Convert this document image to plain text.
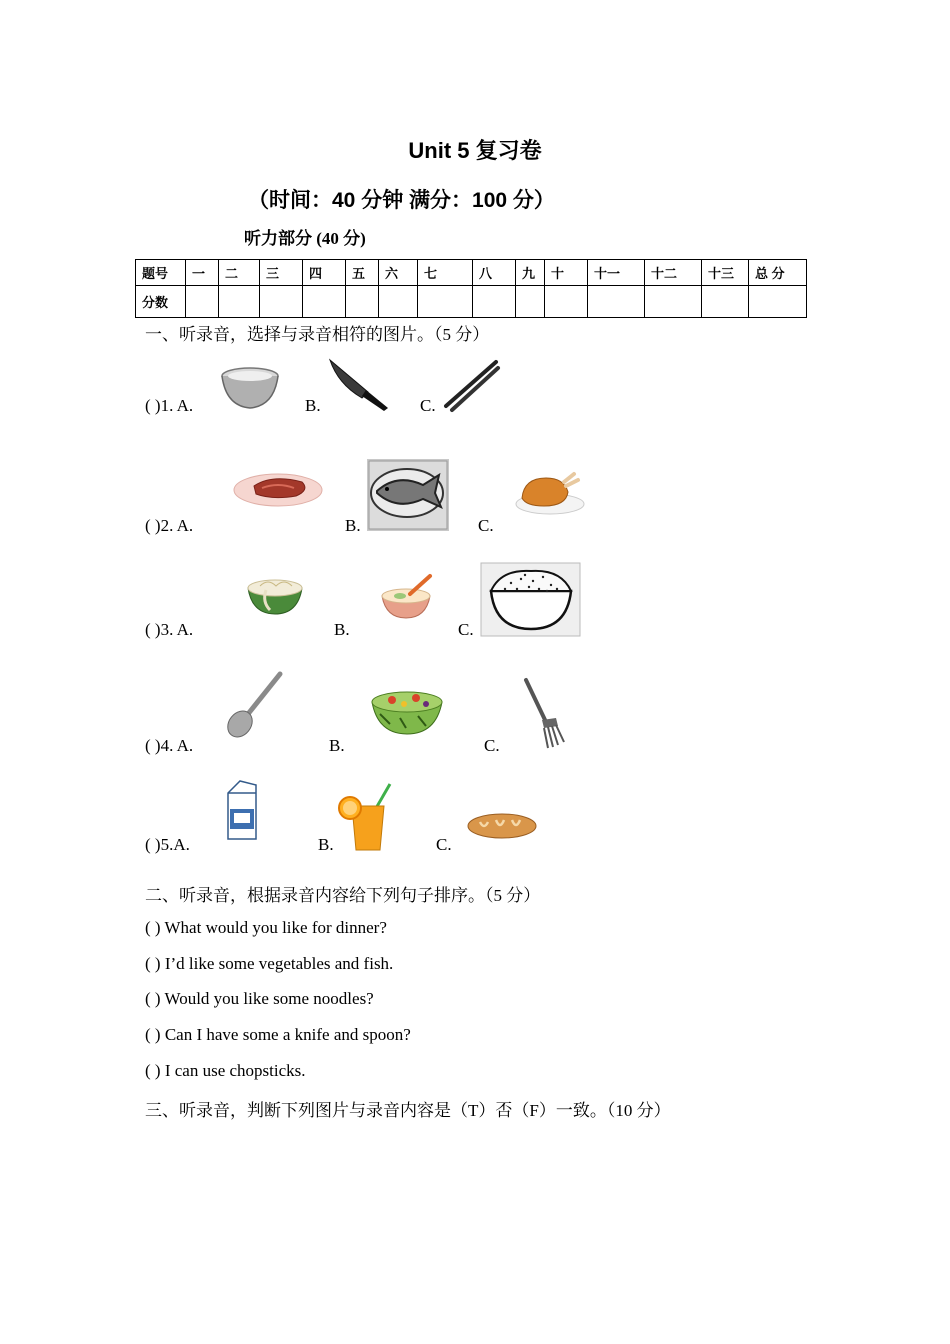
Unit 5 复习卷
（时间：40 分钟 满分：100 分）
听力部分 (40 分)
题号	一	二	三	四	五	六	七	八	九	十	十一	十二	十三	总 分
分数														
一、听录音，选择与录音相符的图片。（5 分）
( )1. A.	B.	C.
( )2. A.	B.	C.
( )3. A.	B.	C.
( )4. A.	B.	C.
( )5.A.	B.	C.
二、听录音，根据录音内容给下列句子排序。（5 分）
( ) What would you like for dinner?
( ) I’d like some vegetables and fish.
( ) Would you like some noodles?
( ) Can I have some a knife and spoon?
( ) I can use chopsticks.
三、听录音，判断下列图片与录音内容是（T）否（F）一致。（10 分）
